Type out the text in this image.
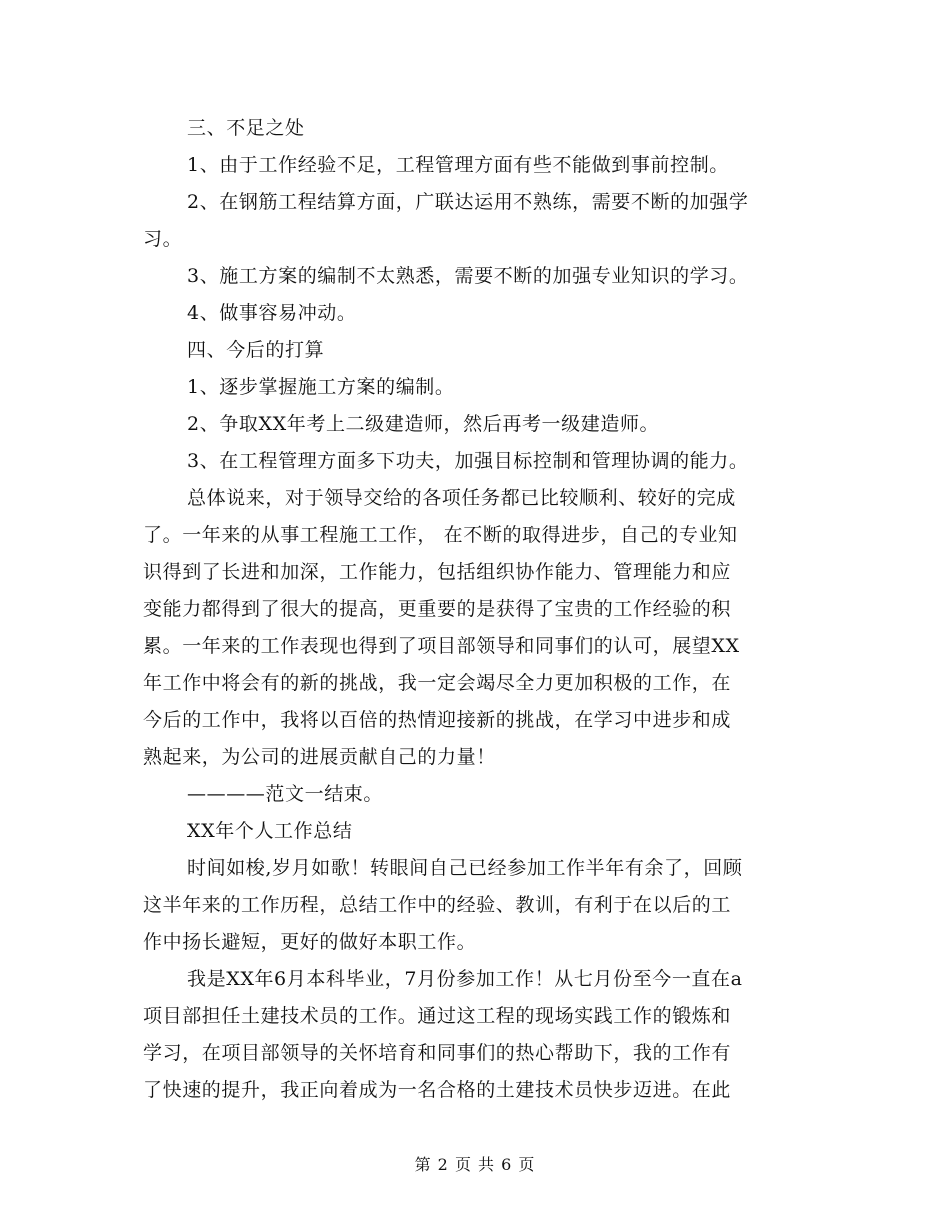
三、不足之处
1、由于工作经验不足，工程管理方面有些不能做到事前控制。
2、在钢筋工程结算方面，广联达运用不熟练，需要不断的加强学
习。
3、施工方案的编制不太熟悉，需要不断的加强专业知识的学习。
4、做事容易冲动。
四、今后的打算
1、逐步掌握施工方案的编制。
2、争取XX年考上二级建造师，然后再考一级建造师。
3、在工程管理方面多下功夫，加强目标控制和管理协调的能力。
总体说来，对于领导交给的各项任务都已比较顺利、较好的完成
了。一年来的从事工程施工工作， 在不断的取得进步，自己的专业知
识得到了长进和加深，工作能力，包括组织协作能力、管理能力和应
变能力都得到了很大的提高，更重要的是获得了宝贵的工作经验的积
累。一年来的工作表现也得到了项目部领导和同事们的认可，展望XX
年工作中将会有的新的挑战，我一定会竭尽全力更加积极的工作，在
今后的工作中，我将以百倍的热情迎接新的挑战，在学习中进步和成
熟起来，为公司的进展贡献自己的力量！
————范文一结束。
XX年个人工作总结
时间如梭,岁月如歌！转眼间自己已经参加工作半年有余了，回顾
这半年来的工作历程，总结工作中的经验、教训，有利于在以后的工
作中扬长避短，更好的做好本职工作。
我是XX年6月本科毕业，7月份参加工作！从七月份至今一直在a
项目部担任土建技术员的工作。通过这工程的现场实践工作的锻炼和
学习，在项目部领导的关怀培育和同事们的热心帮助下，我的工作有
了快速的提升，我正向着成为一名合格的土建技术员快步迈进。在此
第 2 页 共 6 页
